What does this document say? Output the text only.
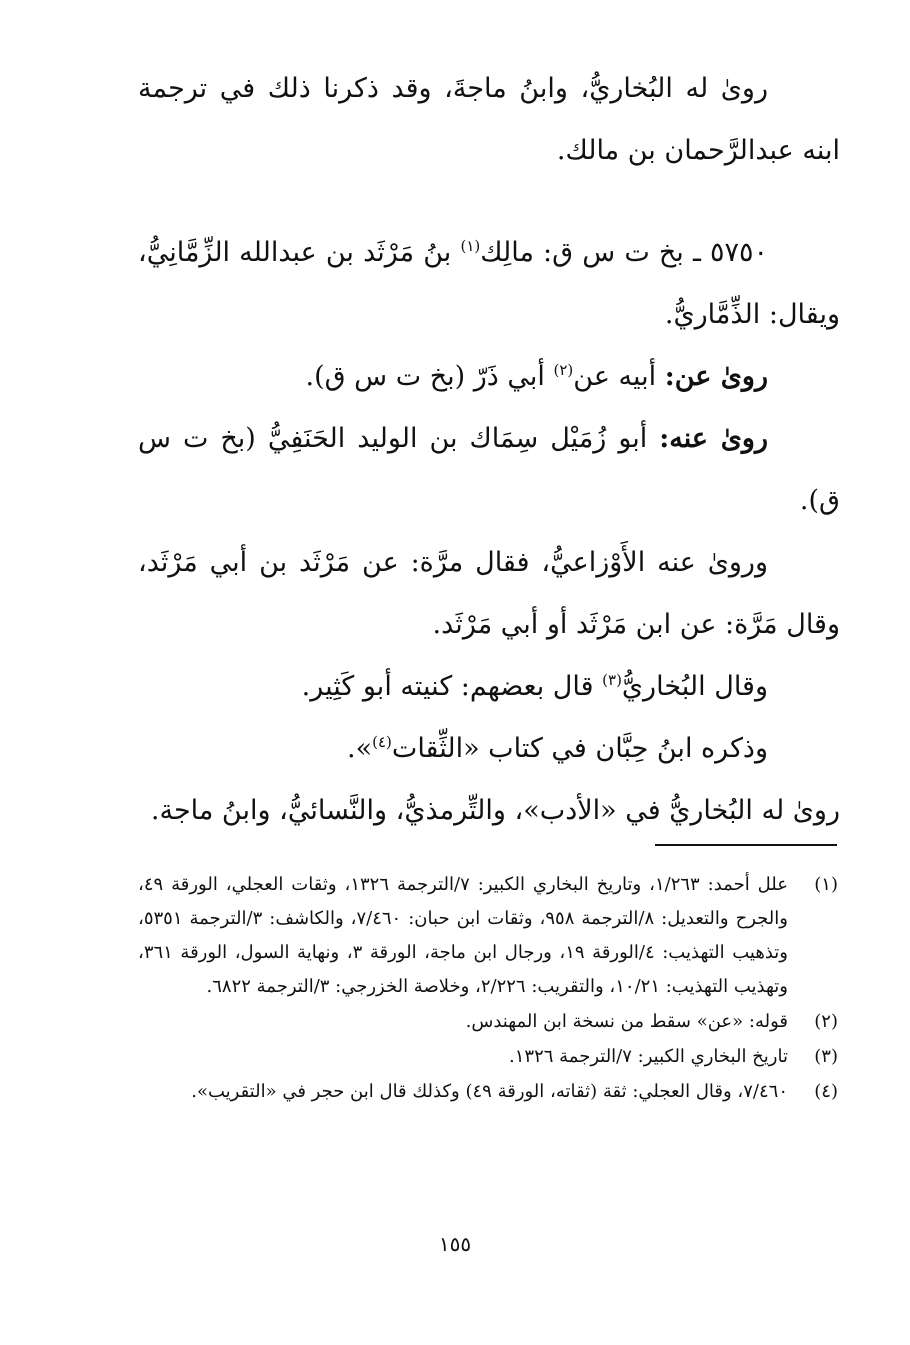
رویٰ له البُخاريُّ، وابنُ ماجةَ، وقد ذكرنا ذلك في ترجمة ابنه عبدالرَّحمان بن مالك.

٥٧٥٠ ـ بخ ت س ق: مالِك$^{(١)}$ بنُ مَرْثَد بن عبدالله الزِّمَّانِيُّ، ويقال: الذِّمَّاريُّ.

رویٰ عن: أبيه عن$^{(٢)}$ أبي ذَرّ (بخ ت س ق).

رویٰ عنه: أبو زُمَيْل سِمَاك بن الوليد الحَنَفِيُّ (بخ ت س ق).

وروىٰ عنه الأَوْزاعيُّ، فقال مرَّة: عن مَرْثَد بن أبي مَرْثَد، وقال مَرَّة: عن ابن مَرْثَد أو أبي مَرْثَد.

وقال البُخاريُّ$^{(٣)}$ قال بعضهم: كنيته أبو كَثِير.

وذكره ابنُ حِبَّان في كتاب «الثِّقات$^{(٤)}$».

رویٰ له البُخاريُّ في «الأدب»، والتِّرمذيُّ، والنَّسائيُّ، وابنُ ماجة.

(١)
علل أحمد: ١/٢٦٣، وتاريخ البخاري الكبير: ٧/الترجمة ١٣٢٦، وثقات العجلي، الورقة ٤٩، والجرح والتعديل: ٨/الترجمة ٩٥٨، وثقات ابن حبان: ٧/٤٦٠، والكاشف: ٣/الترجمة ٥٣٥١، وتذهيب التهذيب: ٤/الورقة ١٩، ورجال ابن ماجة، الورقة ٣، ونهاية السول، الورقة ٣٦١، وتهذيب التهذيب: ١٠/٢١، والتقريب: ٢/٢٢٦، وخلاصة الخزرجي: ٣/الترجمة ٦٨٢٢.
(٢)
قوله: «عن» سقط من نسخة ابن المهندس.
(٣)
تاريخ البخاري الكبير: ٧/الترجمة ١٣٢٦.
(٤)
٧/٤٦٠، وقال العجلي: ثقة (ثقاته، الورقة ٤٩) وكذلك قال ابن حجر في «التقريب».
١٥٥
